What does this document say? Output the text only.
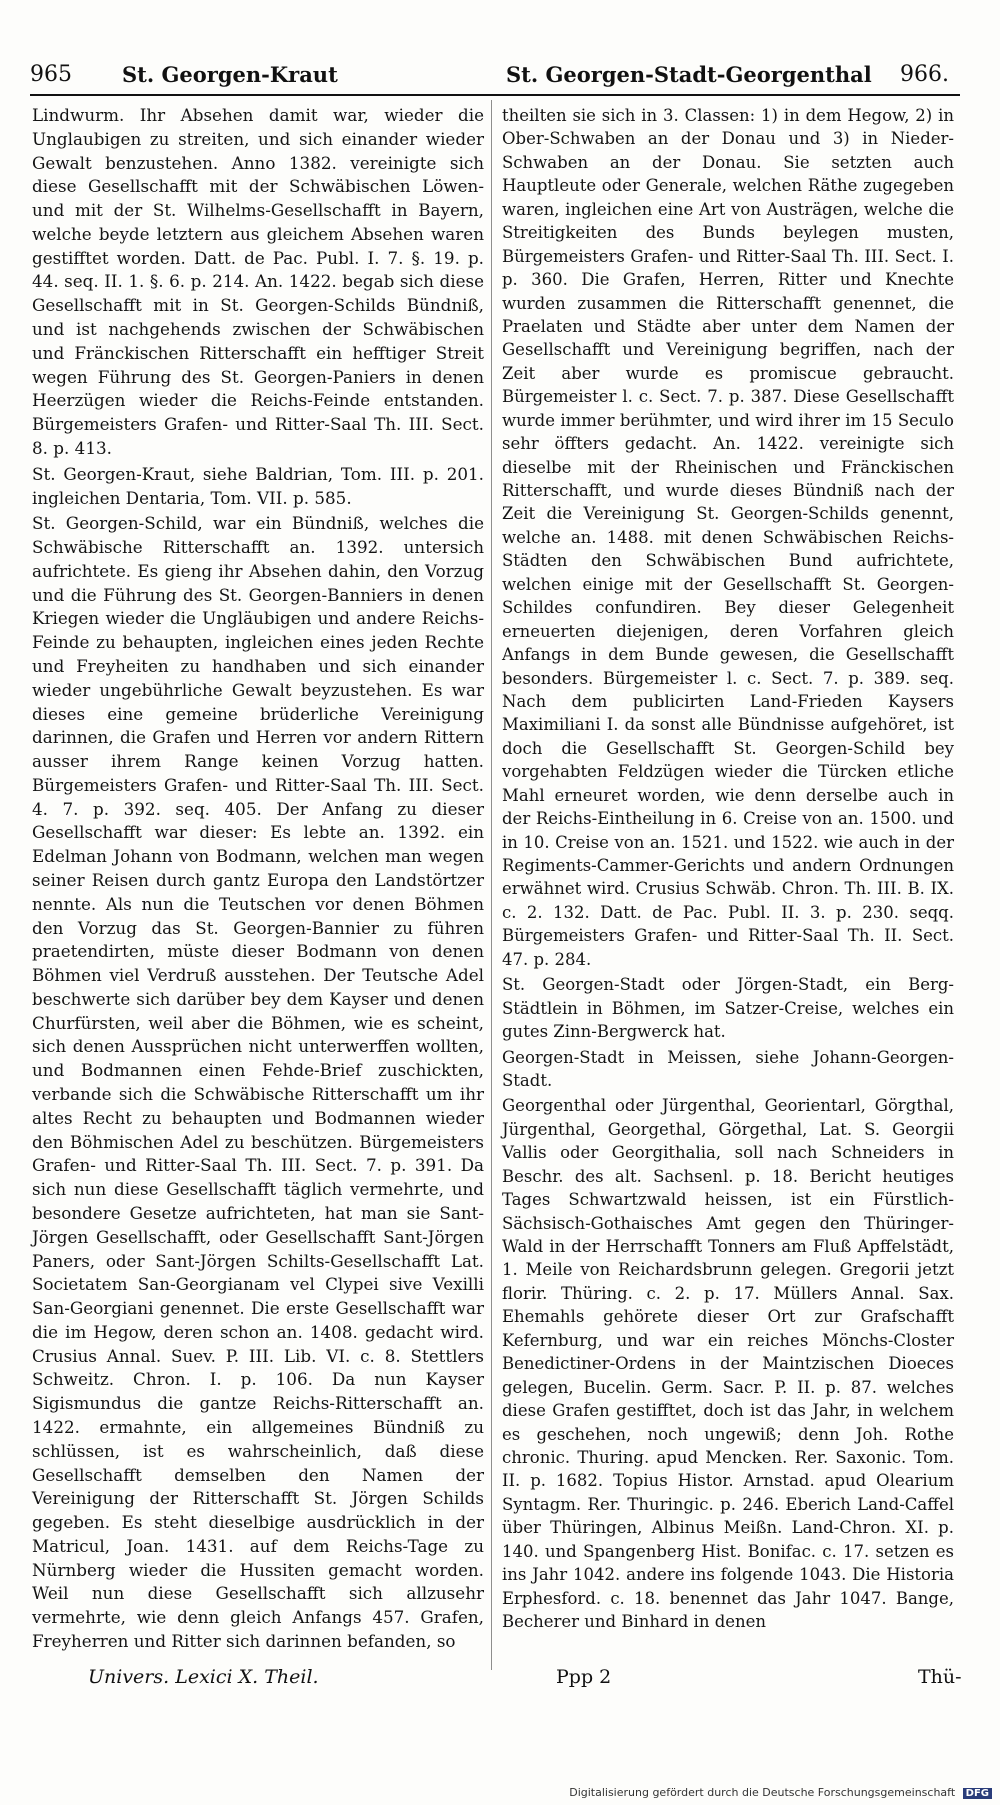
965 St. Georgen-Kraut	St. Georgen-Stadt-Georgenthal 966.

Lindwurm. Ihr Absehen damit war, wieder die Unglaubigen zu streiten, und sich einander wieder Gewalt benzustehen. Anno 1382. vereinigte sich diese Gesellschafft mit der Schwäbischen Löwen- und mit der St. Wilhelms-Gesellschafft in Bayern, welche beyde letztern aus gleichem Absehen waren gestifftet worden. Datt. de Pac. Publ. I. 7. §. 19. p. 44. seq. II. 1. §. 6. p. 214. An. 1422. begab sich diese Gesellschafft mit in St. Georgen-Schilds Bündniß, und ist nachgehends zwischen der Schwäbischen und Fränckischen Ritterschafft ein hefftiger Streit wegen Führung des St. Georgen-Paniers in denen Heerzügen wieder die Reichs-Feinde entstanden. Bürgemeisters Grafen- und Ritter-Saal Th. III. Sect. 8. p. 413.

St. Georgen-Kraut, siehe Baldrian, Tom. III. p. 201. ingleichen Dentaria, Tom. VII. p. 585.

St. Georgen-Schild, war ein Bündniß, welches die Schwäbische Ritterschafft an. 1392. untersich aufrichtete. Es gieng ihr Absehen dahin, den Vorzug und die Führung des St. Georgen-Banniers in denen Kriegen wieder die Ungläubigen und andere Reichs-Feinde zu behaupten, ingleichen eines jeden Rechte und Freyheiten zu handhaben und sich einander wieder ungebührliche Gewalt beyzustehen. Es war dieses eine gemeine brüderliche Vereinigung darinnen, die Grafen und Herren vor andern Rittern ausser ihrem Range keinen Vorzug hatten. Bürgemeisters Grafen- und Ritter-Saal Th. III. Sect. 4. 7. p. 392. seq. 405. Der Anfang zu dieser Gesellschafft war dieser: Es lebte an. 1392. ein Edelman Johann von Bodmann, welchen man wegen seiner Reisen durch gantz Europa den Landstörtzer nennte. Als nun die Teutschen vor denen Böhmen den Vorzug das St. Georgen-Bannier zu führen praetendirten, müste dieser Bodmann von denen Böhmen viel Verdruß ausstehen. Der Teutsche Adel beschwerte sich darüber bey dem Kayser und denen Churfürsten, weil aber die Böhmen, wie es scheint, sich denen Aussprüchen nicht unterwerffen wollten, und Bodmannen einen Fehde-Brief zuschickten, verbande sich die Schwäbische Ritterschafft um ihr altes Recht zu behaupten und Bodmannen wieder den Böhmischen Adel zu beschützen. Bürgemeisters Grafen- und Ritter-Saal Th. III. Sect. 7. p. 391. Da sich nun diese Gesellschafft täglich vermehrte, und besondere Gesetze aufrichteten, hat man sie Sant-Jörgen Gesellschafft, oder Gesellschafft Sant-Jörgen Paners, oder Sant-Jörgen Schilts-Gesellschafft Lat. Societatem San-Georgianam vel Clypei sive Vexilli San-Georgiani genennet. Die erste Gesellschafft war die im Hegow, deren schon an. 1408. gedacht wird. Crusius Annal. Suev. P. III. Lib. VI. c. 8. Stettlers Schweitz. Chron. I. p. 106. Da nun Kayser Sigismundus die gantze Reichs-Ritterschafft an. 1422. ermahnte, ein allgemeines Bündniß zu schlüssen, ist es wahrscheinlich, daß diese Gesellschafft demselben den Namen der Vereinigung der Ritterschafft St. Jörgen Schilds gegeben. Es steht dieselbige ausdrücklich in der Matricul, Joan. 1431. auf dem Reichs-Tage zu Nürnberg wieder die Hussiten gemacht worden. Weil nun diese Gesellschafft sich allzusehr vermehrte, wie denn gleich Anfangs 457. Grafen, Freyherren und Ritter sich darinnen befanden, so

theilten sie sich in 3. Classen: 1) in dem Hegow, 2) in Ober-Schwaben an der Donau und 3) in Nieder-Schwaben an der Donau. Sie setzten auch Hauptleute oder Generale, welchen Räthe zugegeben waren, ingleichen eine Art von Austrägen, welche die Streitigkeiten des Bunds beylegen musten, Bürgemeisters Grafen- und Ritter-Saal Th. III. Sect. I. p. 360. Die Grafen, Herren, Ritter und Knechte wurden zusammen die Ritterschafft genennet, die Praelaten und Städte aber unter dem Namen der Gesellschafft und Vereinigung begriffen, nach der Zeit aber wurde es promiscue gebraucht. Bürgemeister l. c. Sect. 7. p. 387. Diese Gesellschafft wurde immer berühmter, und wird ihrer im 15 Seculo sehr öffters gedacht. An. 1422. vereinigte sich dieselbe mit der Rheinischen und Fränckischen Ritterschafft, und wurde dieses Bündniß nach der Zeit die Vereinigung St. Georgen-Schilds genennt, welche an. 1488. mit denen Schwäbischen Reichs-Städten den Schwäbischen Bund aufrichtete, welchen einige mit der Gesellschafft St. Georgen-Schildes confundiren. Bey dieser Gelegenheit erneuerten diejenigen, deren Vorfahren gleich Anfangs in dem Bunde gewesen, die Gesellschafft besonders. Bürgemeister l. c. Sect. 7. p. 389. seq. Nach dem publicirten Land-Frieden Kaysers Maximiliani I. da sonst alle Bündnisse aufgehöret, ist doch die Gesellschafft St. Georgen-Schild bey vorgehabten Feldzügen wieder die Türcken etliche Mahl erneuret worden, wie denn derselbe auch in der Reichs-Eintheilung in 6. Creise von an. 1500. und in 10. Creise von an. 1521. und 1522. wie auch in der Regiments-Cammer-Gerichts und andern Ordnungen erwähnet wird. Crusius Schwäb. Chron. Th. III. B. IX. c. 2. 132. Datt. de Pac. Publ. II. 3. p. 230. seqq. Bürgemeisters Grafen- und Ritter-Saal Th. II. Sect. 47. p. 284.

St. Georgen-Stadt oder Jörgen-Stadt, ein Berg-Städtlein in Böhmen, im Satzer-Creise, welches ein gutes Zinn-Bergwerck hat.

Georgen-Stadt in Meissen, siehe Johann-Georgen-Stadt.

Georgenthal oder Jürgenthal, Georientarl, Görgthal, Jürgenthal, Georgethal, Görgethal, Lat. S. Georgii Vallis oder Georgithalia, soll nach Schneiders in Beschr. des alt. Sachsenl. p. 18. Bericht heutiges Tages Schwartzwald heissen, ist ein Fürstlich-Sächsisch-Gothaisches Amt gegen den Thüringer-Wald in der Herrschafft Tonners am Fluß Apffelstädt, 1. Meile von Reichardsbrunn gelegen. Gregorii jetzt florir. Thüring. c. 2. p. 17. Müllers Annal. Sax. Ehemahls gehörete dieser Ort zur Grafschafft Kefernburg, und war ein reiches Mönchs-Closter Benedictiner-Ordens in der Maintzischen Dioeces gelegen, Bucelin. Germ. Sacr. P. II. p. 87. welches diese Grafen gestifftet, doch ist das Jahr, in welchem es geschehen, noch ungewiß; denn Joh. Rothe chronic. Thuring. apud Mencken. Rer. Saxonic. Tom. II. p. 1682. Topius Histor. Arnstad. apud Olearium Syntagm. Rer. Thuringic. p. 246. Eberich Land-Caffel über Thüringen, Albinus Meißn. Land-Chron. XI. p. 140. und Spangenberg Hist. Bonifac. c. 17. setzen es ins Jahr 1042. andere ins folgende 1043. Die Historia Erphesford. c. 18. benennet das Jahr 1047. Bange, Becherer und Binhard in denen

Univers. Lexici X. Theil.	Ppp 2	Thü-
Digitalisierung gefördert durch die Deutsche Forschungsgemeinschaft DFG
